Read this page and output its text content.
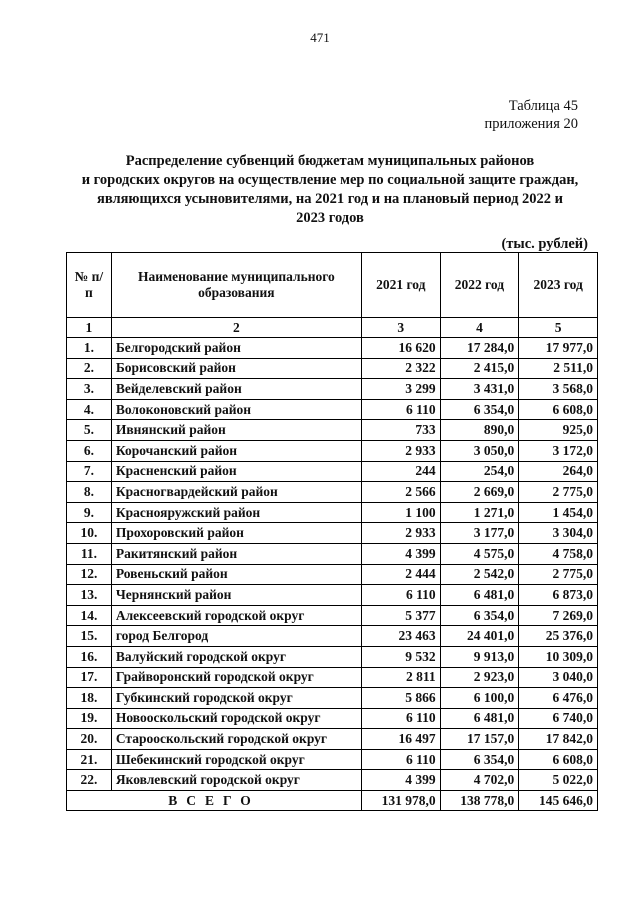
471
Таблица 45
приложения 20
Распределение субвенций бюджетам муниципальных районов
и городских округов на осуществление мер по социальной защите граждан,
являющихся усыновителями, на 2021 год и на плановый период 2022 и
2023 годов
(тыс. рублей)
№ п/п	Наименование муниципального образования	2021 год	2022 год	2023 год
1	2	3	4	5
1.	Белгородский район	16 620	17 284,0	17 977,0
2.	Борисовский район	2 322	2 415,0	2 511,0
3.	Вейделевский район	3 299	3 431,0	3 568,0
4.	Волоконовский район	6 110	6 354,0	6 608,0
5.	Ивнянский район	733	890,0	925,0
6.	Корочанский район	2 933	3 050,0	3 172,0
7.	Красненский район	244	254,0	264,0
8.	Красногвардейский район	2 566	2 669,0	2 775,0
9.	Краснояружский район	1 100	1 271,0	1 454,0
10.	Прохоровский район	2 933	3 177,0	3 304,0
11.	Ракитянский район	4 399	4 575,0	4 758,0
12.	Ровеньский район	2 444	2 542,0	2 775,0
13.	Чернянский район	6 110	6 481,0	6 873,0
14.	Алексеевский городской округ	5 377	6 354,0	7 269,0
15.	город Белгород	23 463	24 401,0	25 376,0
16.	Валуйский городской округ	9 532	9 913,0	10 309,0
17.	Грайворонский городской округ	2 811	2 923,0	3 040,0
18.	Губкинский городской округ	5 866	6 100,0	6 476,0
19.	Новооскольский городской округ	6 110	6 481,0	6 740,0
20.	Старооскольский городской округ	16 497	17 157,0	17 842,0
21.	Шебекинский городской округ	6 110	6 354,0	6 608,0
22.	Яковлевский городской округ	4 399	4 702,0	5 022,0
ВСЕГО		131 978,0	138 778,0	145 646,0
